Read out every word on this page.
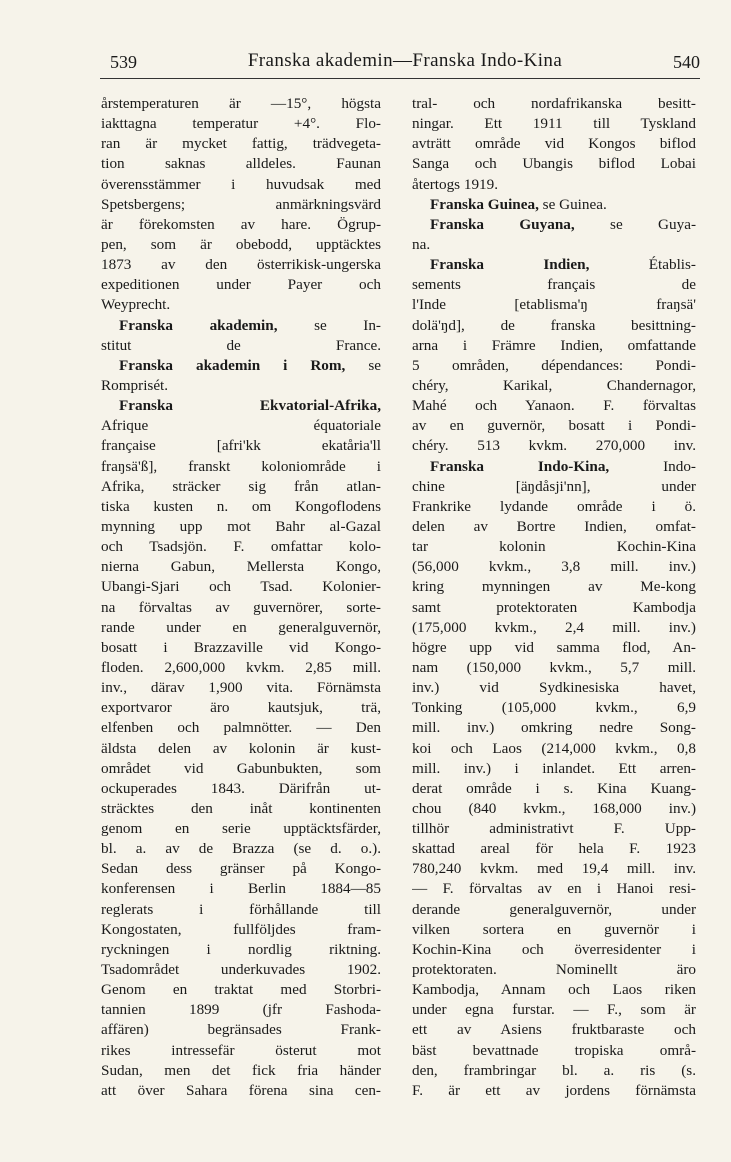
539	Franska akademin—Franska Indo-Kina	540
årstemperaturen är —15°, högsta
iakttagna temperatur +4°. Flo-
ran är mycket fattig, trädvegeta-
tion saknas alldeles. Faunan
överensstämmer i huvudsak med
Spetsbergens; anmärkningsvärd
är förekomsten av hare. Ögrup-
pen, som är obebodd, upptäcktes
1873 av den österrikisk-ungerska
expeditionen under Payer och
Weyprecht.
Franska akademin, se In-
stitut de France.
Franska akademin i Rom, se
Romprisét.
Franska Ekvatorial-Afrika,
Afrique équatoriale
française [afri'kk ekatåria'll
fraŋsä'ß], franskt koloniområde i
Afrika, sträcker sig från atlan-
tiska kusten n. om Kongoflodens
mynning upp mot Bahr al-Gazal
och Tsadsjön. F. omfattar kolo-
nierna Gabun, Mellersta Kongo,
Ubangi-Sjari och Tsad. Kolonier-
na förvaltas av guvernörer, sorte-
rande under en generalguvernör,
bosatt i Brazzaville vid Kongo-
floden. 2,600,000 kvkm. 2,85 mill.
inv., därav 1,900 vita. Förnämsta
exportvaror äro kautsjuk, trä,
elfenben och palmnötter. — Den
äldsta delen av kolonin är kust-
området vid Gabunbukten, som
ockuperades 1843. Därifrån ut-
sträcktes den inåt kontinenten
genom en serie upptäcktsfärder,
bl. a. av de Brazza (se d. o.).
Sedan dess gränser på Kongo-
konferensen i Berlin 1884—85
reglerats i förhållande till
Kongostaten, fullföljdes fram-
ryckningen i nordlig riktning.
Tsadområdet underkuvades 1902.
Genom en traktat med Storbri-
tannien 1899 (jfr Fashoda-
affären) begränsades Frank-
rikes intressefär österut mot
Sudan, men det fick fria händer
att över Sahara förena sina cen-
tral- och nordafrikanska besitt-
ningar. Ett 1911 till Tyskland
avträtt område vid Kongos biflod
Sanga och Ubangis biflod Lobai
återtogs 1919.
Franska Guinea, se Guinea.
Franska Guyana, se Guya-
na.
Franska Indien, Établis-
sements français de
l'Inde [etablisma'ŋ fraŋsä'
dolä'ŋd], de franska besittning-
arna i Främre Indien, omfattande
5 områden, dépendances: Pondi-
chéry, Karikal, Chandernagor,
Mahé och Yanaon. F. förvaltas
av en guvernör, bosatt i Pondi-
chéry. 513 kvkm. 270,000 inv.
Franska Indo-Kina, Indo-
chine [äŋdåsji'nn], under
Frankrike lydande område i ö.
delen av Bortre Indien, omfat-
tar kolonin Kochin-Kina
(56,000 kvkm., 3,8 mill. inv.)
kring mynningen av Me-kong
samt protektoraten Kambodja
(175,000 kvkm., 2,4 mill. inv.)
högre upp vid samma flod, An-
nam (150,000 kvkm., 5,7 mill.
inv.) vid Sydkinesiska havet,
Tonking (105,000 kvkm., 6,9
mill. inv.) omkring nedre Song-
koi och Laos (214,000 kvkm., 0,8
mill. inv.) i inlandet. Ett arren-
derat område i s. Kina Kuang-
chou (840 kvkm., 168,000 inv.)
tillhör administrativt F. Upp-
skattad areal för hela F. 1923
780,240 kvkm. med 19,4 mill. inv.
— F. förvaltas av en i Hanoi resi-
derande generalguvernör, under
vilken sortera en guvernör i
Kochin-Kina och överresidenter i
protektoraten. Nominellt äro
Kambodja, Annam och Laos riken
under egna furstar. — F., som är
ett av Asiens fruktbaraste och
bäst bevattnade tropiska områ-
den, frambringar bl. a. ris (s.
F. är ett av jordens förnämsta
